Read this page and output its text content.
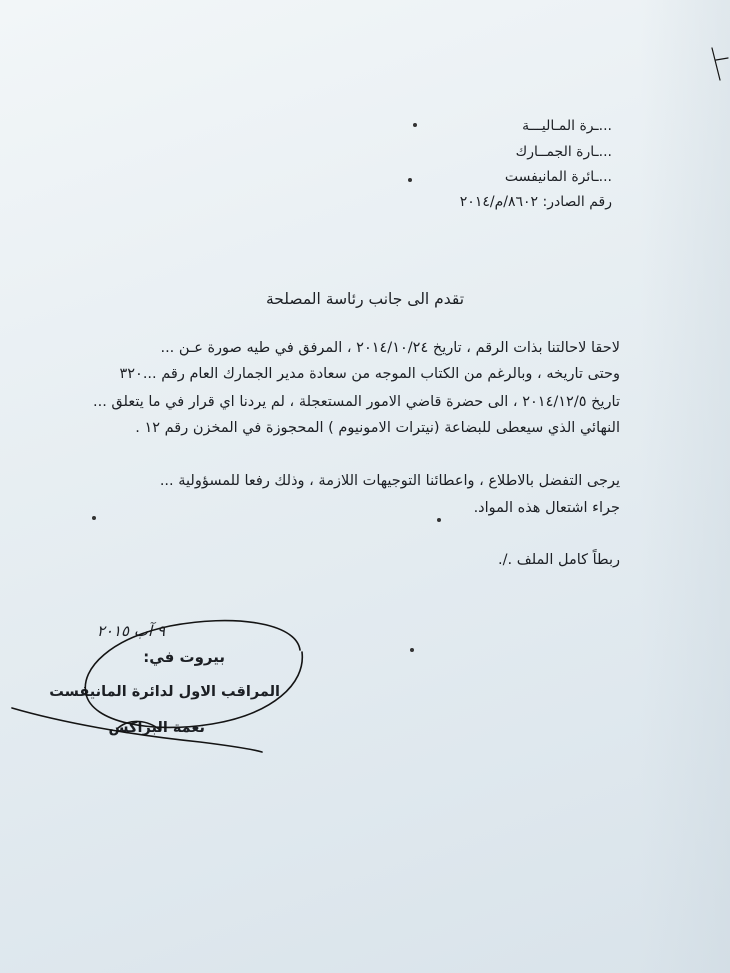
...ـرة المـاليـــة
...ـارة الجمــارك
...ـائرة المانيفست
رقم الصادر: ٨٦٠٢/م/٢٠١٤
تقدم الى جانب رئاسة المصلحة
لاحقا لاحالتنا بذات الرقم ، تاريخ ٢٠١٤/١٠/٢٤ ، المرفق في طيه صورة عـن ...
وحتى تاريخه ، وبالرغم من الكتاب الموجه من سعادة مدير الجمارك العام رقم ...٣٢٠
تاريخ ٢٠١٤/١٢/٥ ، الى حضرة قاضي الامور المستعجلة ، لم يردنا اي قرار في ما يتعلق ...
النهائي الذي سيعطى للبضاعة (نيترات الامونيوم ) المحجوزة في المخزن رقم ١٢ .
يرجى التفضل بالاطلاع ، واعطائنا التوجيهات اللازمة ، وذلك رفعا للمسؤولية ...
جراء اشتعال هذه المواد.
ربطاً كامل الملف ./.
بيروت في:
٩ آب ٢٠١٥
المراقب الاول لدائرة المانيفست
نعمة البراكس
